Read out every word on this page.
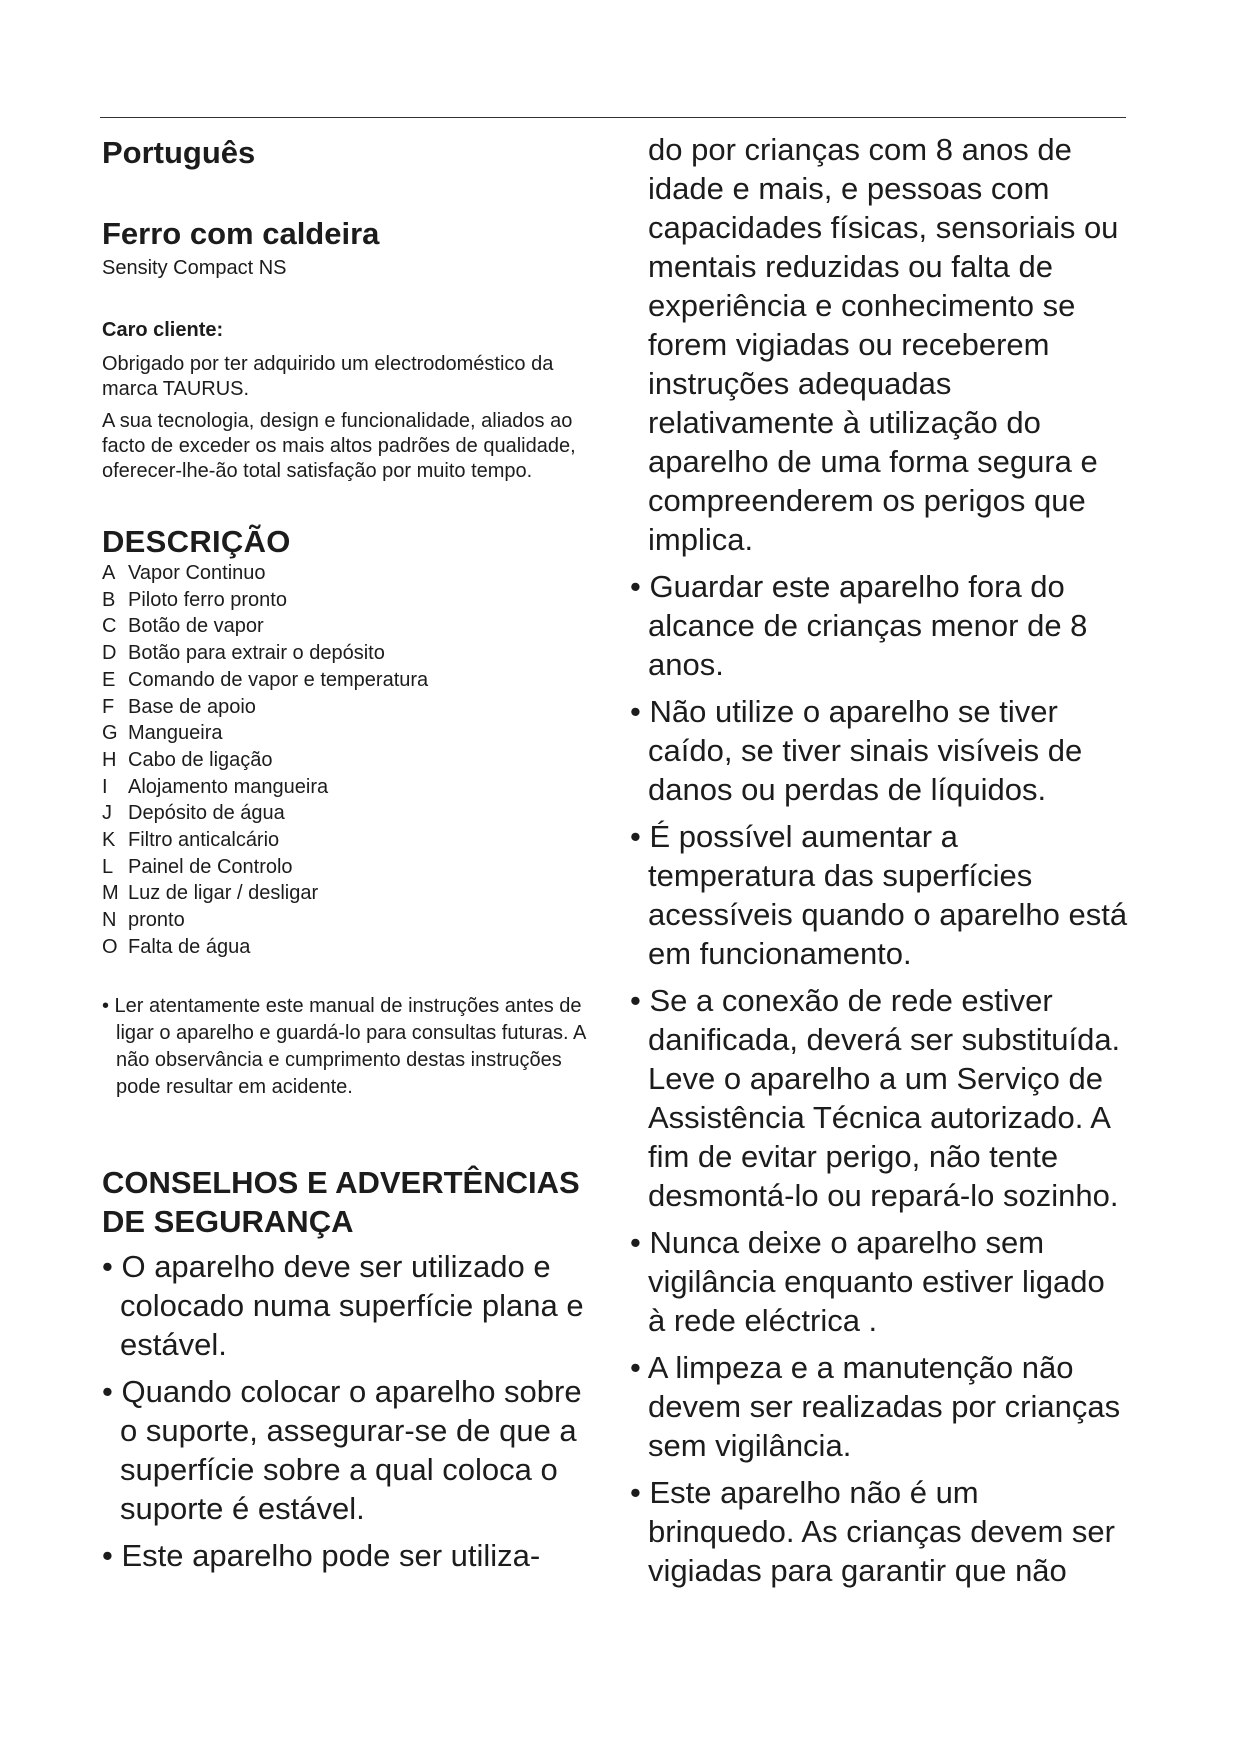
Português
Ferro com caldeira
Sensity Compact NS
Caro cliente:

Obrigado por ter adquirido um electrodoméstico da marca TAURUS.

A sua tecnologia, design e funcionalidade, aliados ao facto de exceder os mais altos padrões de qualidade, oferecer-lhe-ão total satisfação por muito tempo.

DESCRIÇÃO
A Vapor Continuo
B Piloto ferro pronto
C Botão de vapor
D Botão para extrair o depósito
E Comando de vapor e temperatura
F Base de apoio
G Mangueira
H Cabo de ligação
I Alojamento mangueira
J Depósito de água
K Filtro anticalcário
L Painel de Controlo
M Luz de ligar / desligar
N pronto
O Falta de água

• Ler atentamente este manual de instruções antes de ligar o aparelho e guardá-lo para consultas futuras. A não observância e cumprimento destas instruções pode resultar em acidente.

CONSELHOS E ADVERTÊNCIAS DE SEGURANÇA
• O aparelho deve ser utilizado e colocado numa superfície plana e estável.
• Quando colocar o aparelho sobre o suporte, assegurar-se de que a superfície sobre a qual coloca o suporte é estável.
• Este aparelho pode ser utiliza-

do por crianças com 8 anos de idade e mais, e pessoas com capacidades físicas, sensoriais ou mentais reduzidas ou falta de experiência e conhecimento se forem vigiadas ou receberem instruções adequadas relativamente à utilização do aparelho de uma forma segura e compreenderem os perigos que implica.

• Guardar este aparelho fora do alcance de crianças menor de 8 anos.
• Não utilize o aparelho se tiver caído, se tiver sinais visíveis de danos ou perdas de líquidos.
• É possível aumentar a temperatura das superfícies acessíveis quando o aparelho está em funcionamento.
• Se a conexão de rede estiver danificada, deverá ser substituída. Leve o aparelho a um Serviço de Assistência Técnica autorizado. A fim de evitar perigo, não tente desmontá-lo ou repará-lo sozinho.
• Nunca deixe o aparelho sem vigilância enquanto estiver ligado à rede eléctrica .
• A limpeza e a manutenção não devem ser realizadas por crianças sem vigilância.
• Este aparelho não é um brinquedo. As crianças devem ser vigiadas para garantir que não
